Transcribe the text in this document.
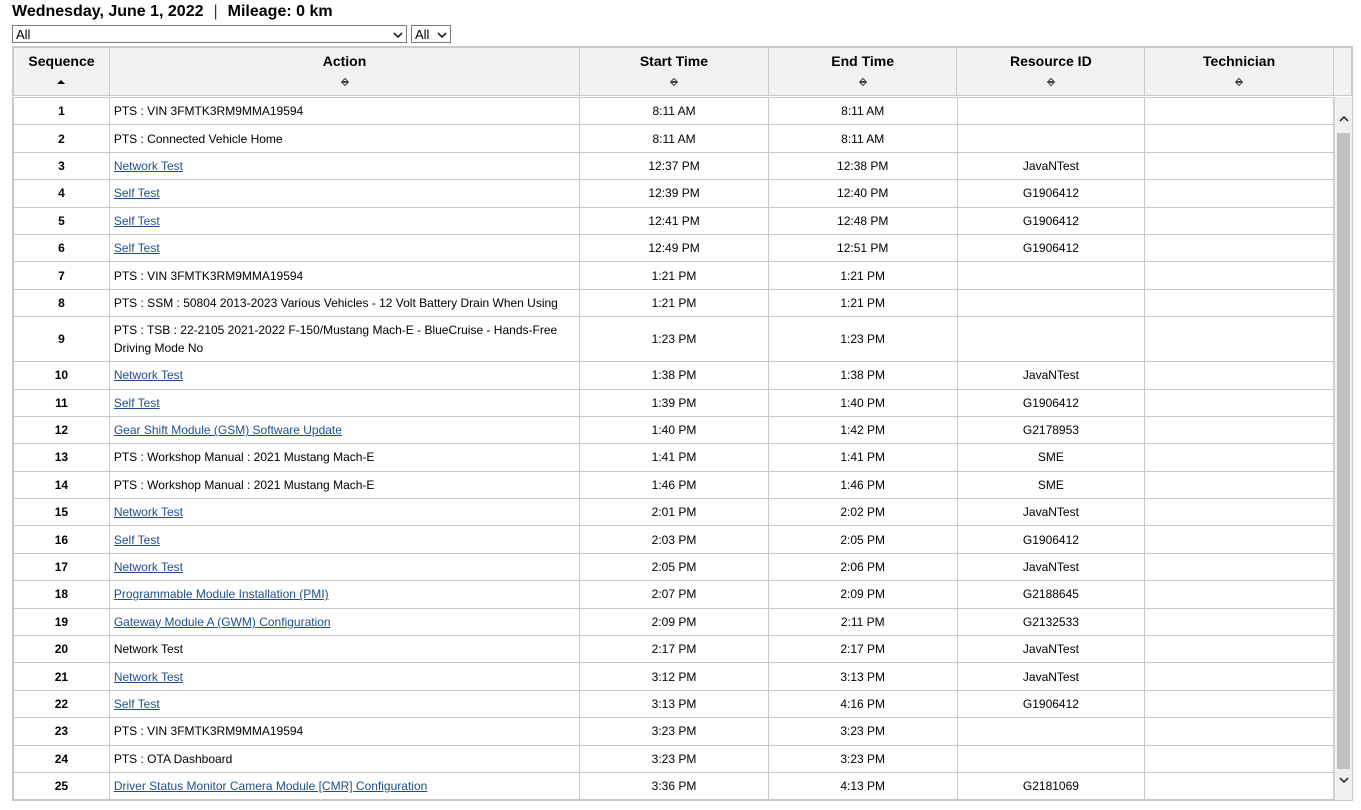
Wednesday, June 1, 2022 | Mileage: 0 km
All	All
Sequence	Action	Start Time	End Time	Resource ID	Technician

1	PTS : VIN 3FMTK3RM9MMA19594	8:11 AM	8:11 AM		
2	PTS : Connected Vehicle Home	8:11 AM	8:11 AM		
3	Network Test	12:37 PM	12:38 PM	JavaNTest	
4	Self Test	12:39 PM	12:40 PM	G1906412	
5	Self Test	12:41 PM	12:48 PM	G1906412	
6	Self Test	12:49 PM	12:51 PM	G1906412	
7	PTS : VIN 3FMTK3RM9MMA19594	1:21 PM	1:21 PM		
8	PTS : SSM : 50804 2013-2023 Various Vehicles - 12 Volt Battery Drain When Using	1:21 PM	1:21 PM		
9	PTS : TSB : 22-2105 2021-2022 F-150/Mustang Mach-E - BlueCruise - Hands-Free Driving Mode No	1:23 PM	1:23 PM		
10	Network Test	1:38 PM	1:38 PM	JavaNTest	
11	Self Test	1:39 PM	1:40 PM	G1906412	
12	Gear Shift Module (GSM) Software Update	1:40 PM	1:42 PM	G2178953	
13	PTS : Workshop Manual : 2021 Mustang Mach-E	1:41 PM	1:41 PM	SME	
14	PTS : Workshop Manual : 2021 Mustang Mach-E	1:46 PM	1:46 PM	SME	
15	Network Test	2:01 PM	2:02 PM	JavaNTest	
16	Self Test	2:03 PM	2:05 PM	G1906412	
17	Network Test	2:05 PM	2:06 PM	JavaNTest	
18	Programmable Module Installation (PMI)	2:07 PM	2:09 PM	G2188645	
19	Gateway Module A (GWM) Configuration	2:09 PM	2:11 PM	G2132533	
20	Network Test	2:17 PM	2:17 PM	JavaNTest	
21	Network Test	3:12 PM	3:13 PM	JavaNTest	
22	Self Test	3:13 PM	4:16 PM	G1906412	
23	PTS : VIN 3FMTK3RM9MMA19594	3:23 PM	3:23 PM		
24	PTS : OTA Dashboard	3:23 PM	3:23 PM		
25	Driver Status Monitor Camera Module [CMR] Configuration	3:36 PM	4:13 PM	G2181069	
